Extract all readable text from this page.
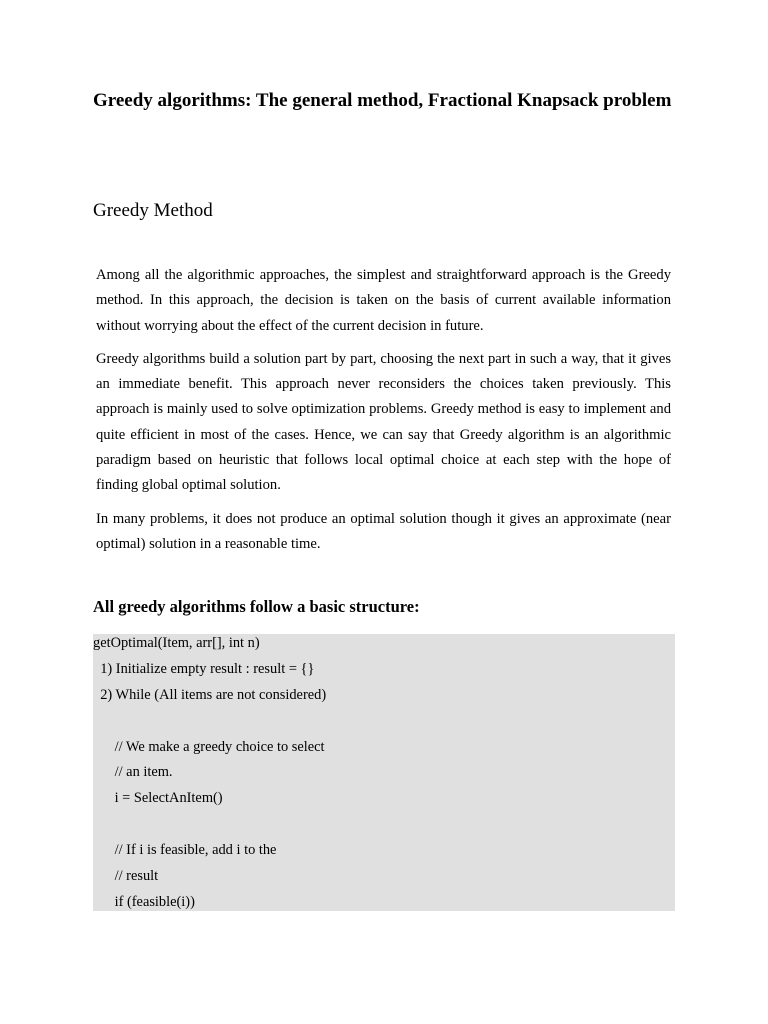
Greedy algorithms: The general method, Fractional Knapsack problem
Greedy Method

Among all the algorithmic approaches, the simplest and straightforward approach is the Greedy method. In this approach, the decision is taken on the basis of current available information without worrying about the effect of the current decision in future.

Greedy algorithms build a solution part by part, choosing the next part in such a way, that it gives an immediate benefit. This approach never reconsiders the choices taken previously. This approach is mainly used to solve optimization problems. Greedy method is easy to implement and quite efficient in most of the cases. Hence, we can say that Greedy algorithm is an algorithmic paradigm based on heuristic that follows local optimal choice at each step with the hope of finding global optimal solution.

In many problems, it does not produce an optimal solution though it gives an approximate (near optimal) solution in a reasonable time.

All greedy algorithms follow a basic structure:
getOptimal(Item, arr[], int n)
1) Initialize empty result : result = {}
2) While (All items are not considered)
// We make a greedy choice to select
// an item.
i = SelectAnItem()
// If i is feasible, add i to the
// result
if (feasible(i))
